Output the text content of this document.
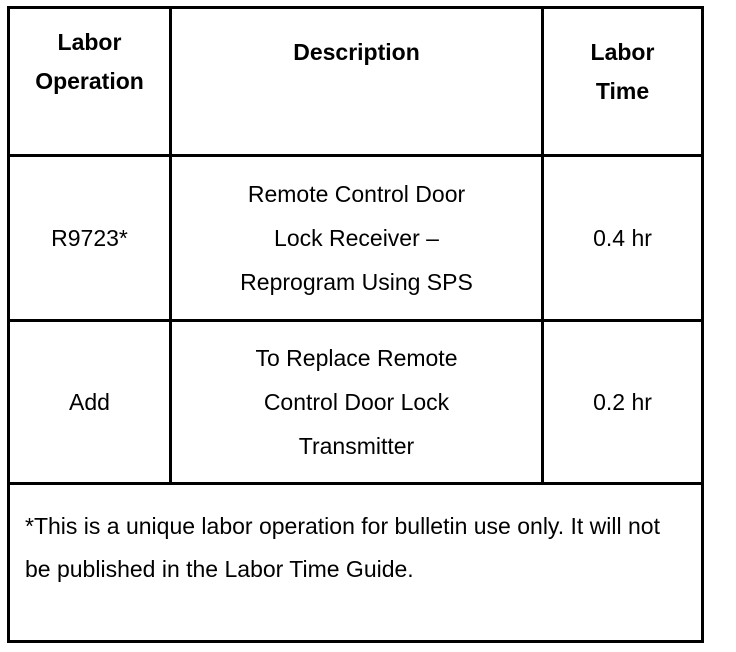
Labor
Operation
Description	Labor
Time
R9723*
Remote Control Door
Lock Receiver –
Reprogram Using SPS
0.4 hr
Add
To Replace Remote
Control Door Lock
Transmitter
0.2 hr
*This is a unique labor operation for bulletin use only. It will not be published in the Labor Time Guide.
